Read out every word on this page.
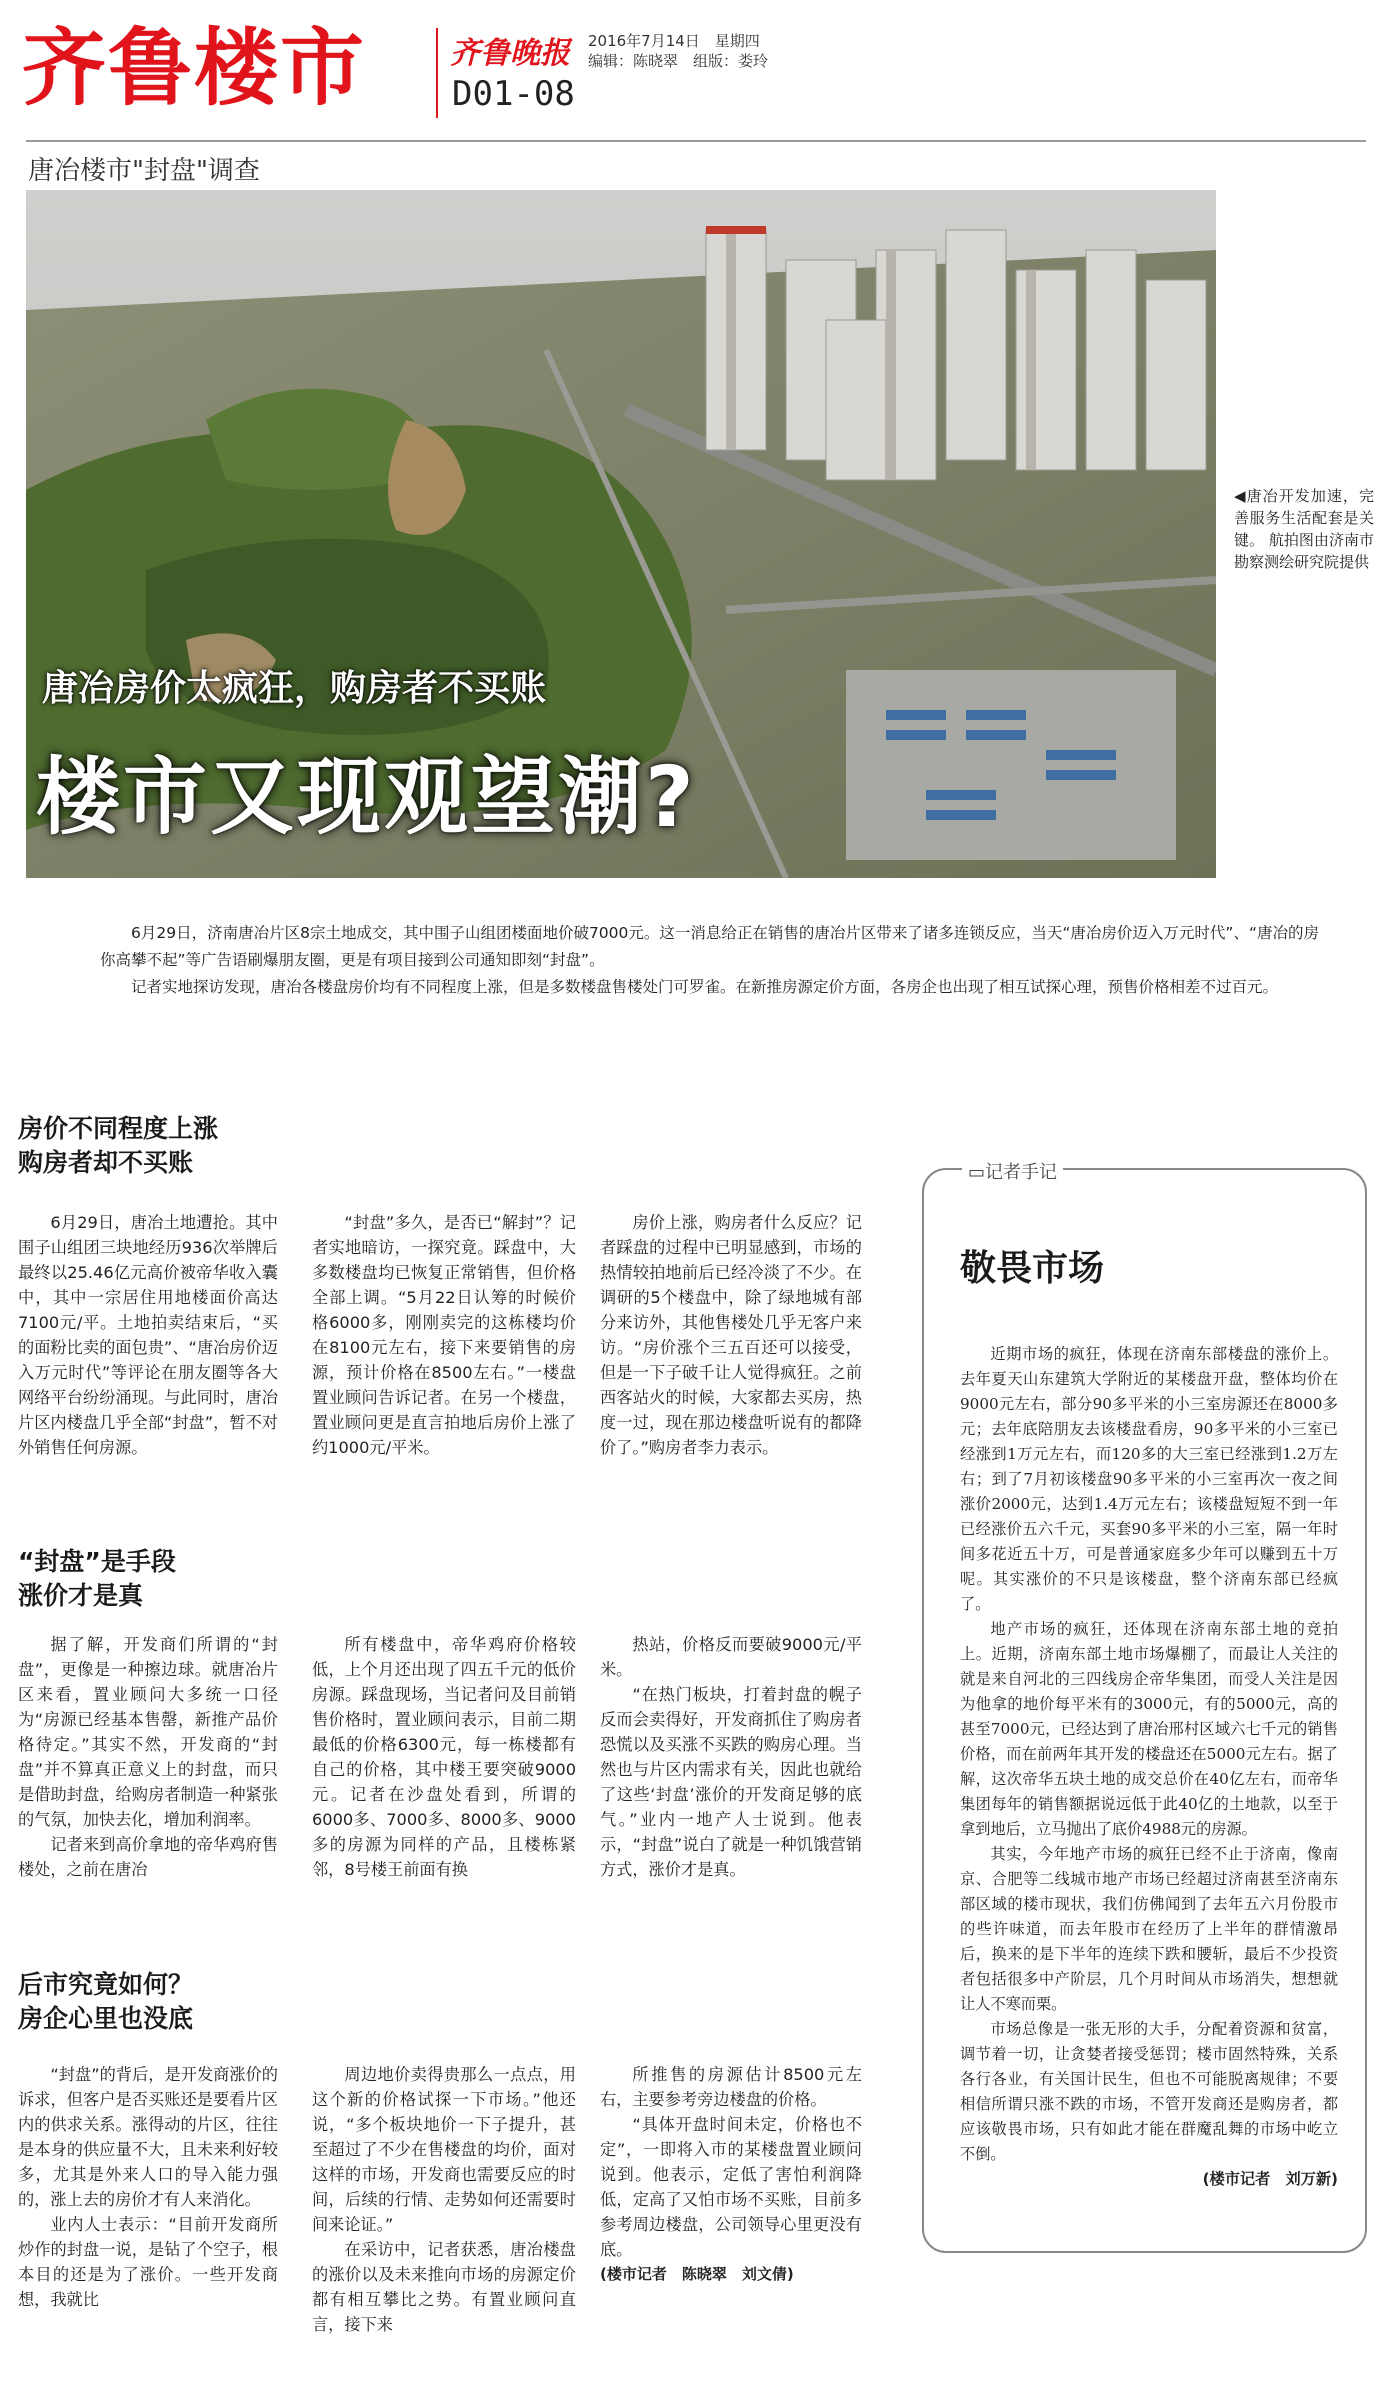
齐鲁楼市	齐鲁晚报 2016年7月14日　星期四
编辑：陈晓翠　组版：娄玲
D01-08
唐冶楼市"封盘"调查
唐冶房价太疯狂，购房者不买账
楼市又现观望潮?
◀唐冶开发加速，完善服务生活配套是关键。 航拍图由济南市勘察测绘研究院提供

6月29日，济南唐冶片区8宗土地成交，其中围子山组团楼面地价破7000元。这一消息给正在销售的唐冶片区带来了诸多连锁反应，当天“唐冶房价迈入万元时代”、“唐冶的房你高攀不起”等广告语刷爆朋友圈，更是有项目接到公司通知即刻“封盘”。

记者实地探访发现，唐冶各楼盘房价均有不同程度上涨，但是多数楼盘售楼处门可罗雀。在新推房源定价方面，各房企也出现了相互试探心理，预售价格相差不过百元。

房价不同程度上涨
购房者却不买账

6月29日，唐冶土地遭抢。其中围子山组团三块地经历936次举牌后最终以25.46亿元高价被帝华收入囊中，其中一宗居住用地楼面价高达7100元/平。土地拍卖结束后，“买的面粉比卖的面包贵”、“唐冶房价迈入万元时代”等评论在朋友圈等各大网络平台纷纷涌现。与此同时，唐冶片区内楼盘几乎全部“封盘”，暂不对外销售任何房源。

“封盘”多久，是否已“解封”？记者实地暗访，一探究竟。踩盘中，大多数楼盘均已恢复正常销售，但价格全部上调。“5月22日认筹的时候价格6000多，刚刚卖完的这栋楼均价在8100元左右，接下来要销售的房源，预计价格在8500左右。”一楼盘置业顾问告诉记者。在另一个楼盘，置业顾问更是直言拍地后房价上涨了约1000元/平米。

房价上涨，购房者什么反应？记者踩盘的过程中已明显感到，市场的热情较拍地前后已经冷淡了不少。在调研的5个楼盘中，除了绿地城有部分来访外，其他售楼处几乎无客户来访。“房价涨个三五百还可以接受，但是一下子破千让人觉得疯狂。之前西客站火的时候，大家都去买房，热度一过，现在那边楼盘听说有的都降价了。”购房者李力表示。

“封盘”是手段
涨价才是真

据了解，开发商们所谓的“封盘”，更像是一种擦边球。就唐冶片区来看，置业顾问大多统一口径为“房源已经基本售罄，新推产品价格待定。”其实不然，开发商的“封盘”并不算真正意义上的封盘，而只是借助封盘，给购房者制造一种紧张的气氛，加快去化，增加利润率。

记者来到高价拿地的帝华鸡府售楼处，之前在唐冶

所有楼盘中，帝华鸡府价格较低，上个月还出现了四五千元的低价房源。踩盘现场，当记者问及目前销售价格时，置业顾问表示，目前二期最低的价格6300元，每一栋楼都有自己的价格，其中楼王要突破9000元。记者在沙盘处看到，所谓的6000多、7000多、8000多、9000多的房源为同样的产品，且楼栋紧邻，8号楼王前面有换

热站，价格反而要破9000元/平米。

“在热门板块，打着封盘的幌子反而会卖得好，开发商抓住了购房者恐慌以及买涨不买跌的购房心理。当然也与片区内需求有关，因此也就给了这些‘封盘’涨价的开发商足够的底气。”业内一地产人士说到。他表示，“封盘”说白了就是一种饥饿营销方式，涨价才是真。

后市究竟如何？
房企心里也没底

“封盘”的背后，是开发商涨价的诉求，但客户是否买账还是要看片区内的供求关系。涨得动的片区，往往是本身的供应量不大，且未来利好较多，尤其是外来人口的导入能力强的，涨上去的房价才有人来消化。

业内人士表示：“目前开发商所炒作的封盘一说，是钻了个空子，根本目的还是为了涨价。一些开发商想，我就比

周边地价卖得贵那么一点点，用这个新的价格试探一下市场。”他还说，“多个板块地价一下子提升，甚至超过了不少在售楼盘的均价，面对这样的市场，开发商也需要反应的时间，后续的行情、走势如何还需要时间来论证。”

在采访中，记者获悉，唐冶楼盘的涨价以及未来推向市场的房源定价都有相互攀比之势。有置业顾问直言，接下来

所推售的房源估计8500元左右，主要参考旁边楼盘的价格。

“具体开盘时间未定，价格也不定”，一即将入市的某楼盘置业顾问说到。他表示，定低了害怕利润降低，定高了又怕市场不买账，目前多参考周边楼盘，公司领导心里更没有底。

(楼市记者　陈晓翠　刘文倩)
▭记者手记
敬畏市场

近期市场的疯狂，体现在济南东部楼盘的涨价上。去年夏天山东建筑大学附近的某楼盘开盘，整体均价在9000元左右，部分90多平米的小三室房源还在8000多元；去年底陪朋友去该楼盘看房，90多平米的小三室已经涨到1万元左右，而120多的大三室已经涨到1.2万左右；到了7月初该楼盘90多平米的小三室再次一夜之间涨价2000元，达到1.4万元左右；该楼盘短短不到一年已经涨价五六千元，买套90多平米的小三室，隔一年时间多花近五十万，可是普通家庭多少年可以赚到五十万呢。其实涨价的不只是该楼盘，整个济南东部已经疯了。

地产市场的疯狂，还体现在济南东部土地的竞拍上。近期，济南东部土地市场爆棚了，而最让人关注的就是来自河北的三四线房企帝华集团，而受人关注是因为他拿的地价每平米有的3000元，有的5000元，高的甚至7000元，已经达到了唐冶邢村区域六七千元的销售价格，而在前两年其开发的楼盘还在5000元左右。据了解，这次帝华五块土地的成交总价在40亿左右，而帝华集团每年的销售额据说远低于此40亿的土地款，以至于拿到地后，立马抛出了底价4988元的房源。

其实，今年地产市场的疯狂已经不止于济南，像南京、合肥等二线城市地产市场已经超过济南甚至济南东部区域的楼市现状，我们仿佛闻到了去年五六月份股市的些许味道，而去年股市在经历了上半年的群情激昂后，换来的是下半年的连续下跌和腰斩，最后不少投资者包括很多中产阶层，几个月时间从市场消失，想想就让人不寒而栗。

市场总像是一张无形的大手，分配着资源和贫富，调节着一切，让贪婪者接受惩罚；楼市固然特殊，关系各行各业，有关国计民生，但也不可能脱离规律；不要相信所谓只涨不跌的市场，不管开发商还是购房者，都应该敬畏市场，只有如此才能在群魔乱舞的市场中屹立不倒。

(楼市记者　刘万新)
